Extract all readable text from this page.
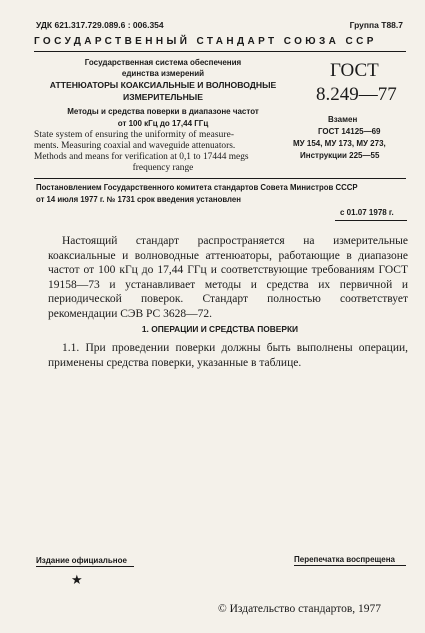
УДК 621.317.729.089.6 : 006.354	Группа Т88.7
ГОСУДАРСТВЕННЫЙ СТАНДАРТ СОЮЗА ССР
Государственная система обеспечения
единства измерений
АТТЕНЮАТОРЫ КОАКСИАЛЬНЫЕ И ВОЛНОВОДНЫЕ
ИЗМЕРИТЕЛЬНЫЕ
Методы и средства поверки в диапазоне частот
от 100 кГц до 17,44 ГГц
State system of ensuring the uniformity of measure-
ments. Measuring coaxial and waveguide attenuators.
Methods and means for verification at 0,1 to 17444 megs
frequency range
ГОСТ
8.249—77
Взамен
ГОСТ 14125—69
МУ 154, МУ 173, МУ 273,
Инструкции 225—55
Постановлением Государственного комитета стандартов Совета Министров СССР
от 14 июля 1977 г. № 1731 срок введения установлен
с 01.07 1978 г.
Настоящий стандарт распространяется на измерительные коаксиальные и волноводные аттенюаторы, работающие в диапазоне частот от 100 кГц до 17,44 ГГц и соответствующие требованиям ГОСТ 19158—73 и устанавливает методы и средства их первичной и периодической поверок. Стандарт полностью соответствует рекомендации СЭВ РС 3628—72.
1. ОПЕРАЦИИ И СРЕДСТВА ПОВЕРКИ
1.1. При проведении поверки должны быть выполнены операции, применены средства поверки, указанные в таблице.
Издание официальное
★
Перепечатка воспрещена
© Издательство стандартов, 1977
